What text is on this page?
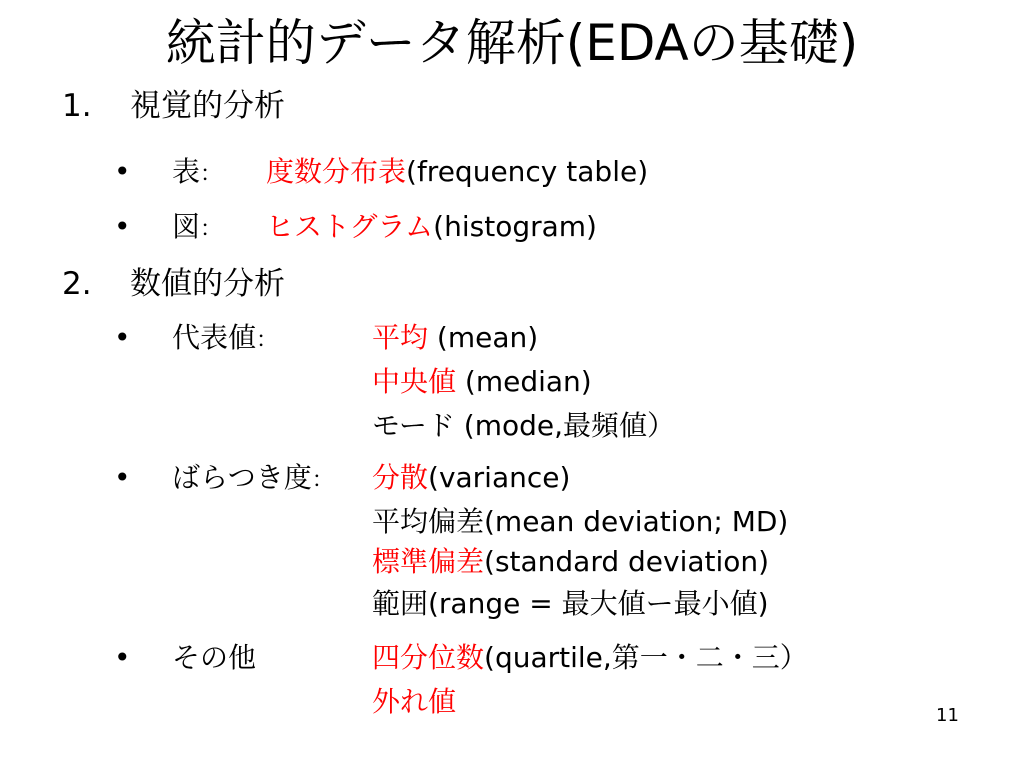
統計的データ解析(EDAの基礎)
1. 視覚的分析
• 表： 度数分布表(frequency table)
• 図： ヒストグラム(histogram)
2. 数値的分析
• 代表値：	平均 (mean)
中央値 (median)
モード (mode,最頻値）
• ばらつき度： 分散(variance)
平均偏差(mean deviation; MD)
標準偏差(standard deviation)
範囲(range = 最大値ー最小値)
• その他	四分位数(quartile,第一・二・三）
外れ値	11
